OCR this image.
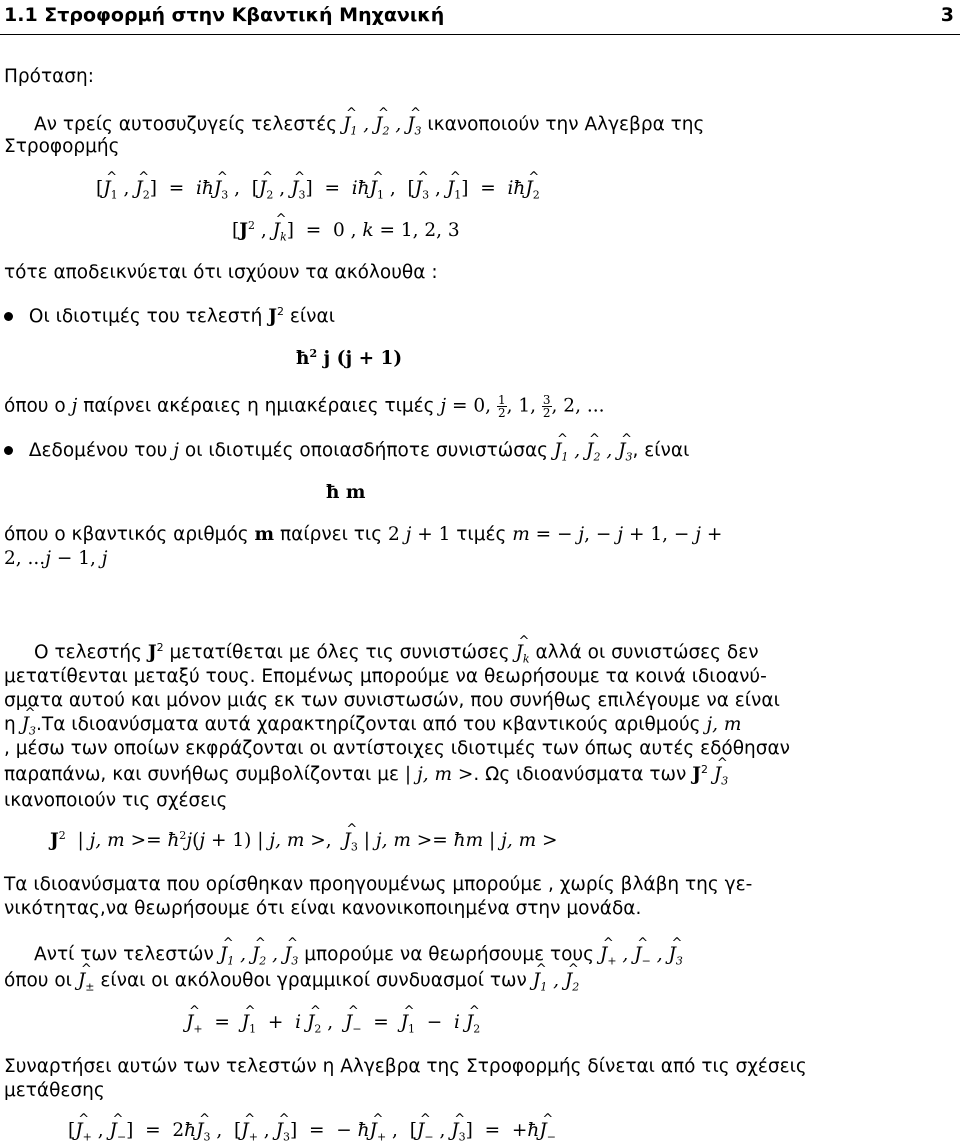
1.1 Στροφορμή στην Κβαντική Μηχανική	3
Πρόταση:
Αν τρείς αυτοσυζυγείς τελεστές ^ $J_1$ , ^ $J_2$ , ^ $J_3$ ικανοποιούν την Αλγεβρα της
Στροφορμής
[^ $J_1$ , ^ $J_2$]  =  iħ^ $J_3$ ,  [^ $J_2$ , ^ $J_3$]  =  iħ^ $J_1$ ,  [^ $J_3$ , ^ $J_1$]  =  iħ^ $J_2$
[$J^2$ , ^ $J_k] = 0$ , k = 1, 2, 3
τότε αποδεικνύεται ότι ισχύουν τα ακόλουθα :
Οι ιδιοτιμές του τελεστή $J^2$ είναι
$ħ^2$ j (j + 1)
όπου ο j παίρνει ακέραιες η ημιακέραιες τιμές j = 0, $\frac{1}{2}$ , 1, $\frac{3}{2}$ , 2, ...
Δεδομένου του j οι ιδιοτιμές οποιασδήποτε συνιστώσας ^ $J_1$ , ^ $J_2$ , ^ $J_3$, είναι
ħ m
όπου ο κβαντικός αριθμός m παίρνει τις 2 j + 1 τιμές m = − j, − j + 1, − j +
2, ...j − 1, j
Ο τελεστής $J^2$ μετατίθεται με όλες τις συνιστώσες ^ $J_k$ αλλά οι συνιστώσες δεν
μετατίθενται μεταξύ τους. Επομένως μπορούμε να θεωρήσουμε τα κοινά ιδιοανύ-
σματα αυτού και μόνον μιάς εκ των συνιστωσών, που συνήθως επιλέγουμε να είναι
η ^ $J_3.T\alpha$ ιδιοανύσματα αυτά χαρακτηρίζονται από του κβαντικούς αριθμούς j, m
, μέσω των οποίων εκφράζονται οι αντίστοιχες ιδιοτιμές των όπως αυτές εδόθησαν
παραπάνω, και συνήθως συμβολίζονται με | j, m >. Ως ιδιοανύσματα των $J^2$ ^ $J_3$
ικανοποιούν τις σχέσεις
$J^2$  | j, $m >= ħ^2j(j + 1)$ | j, m >,  ^ $J_3$ | j, m >= ħm | j, m >
Τα ιδιοανύσματα που ορίσθηκαν προηγουμένως μπορούμε , χωρίς βλάβη της γε-
νικότητας,να θεωρήσουμε ότι είναι κανονικοποιημένα στην μονάδα.
Αντί των τελεστών ^ $J_1$ , ^ $J_2$ , ^ $J_3$ μπορούμε να θεωρήσουμε τους ^ $J_+$ , ^ $J_-$ , ^ $J_3$
όπου οι ^ $J_\pm$ είναι οι ακόλουθοι γραμμικοί συνδυασμοί των ^ $J_1$ , ^ $J_2$
^ $J_+$  =  ^ $J_1 + i$ ^ $J_2$ ,  ^ $J_-$  =  ^ $J_1 - i$ ^ $J_2$
Συναρτήσει αυτών των τελεστών η Αλγεβρα της Στροφορμής δίνεται από τις σχέσεις
μετάθεσης
[^ $J_+$ , ^ $J_-$]  =  2ħ^ $J_3$ ,  [^ $J_+$ , ^ $J_3$]  =  − ħ^ $J_+$ ,  [^ $J_-$ , ^ $J_3$]  =  +ħ^ $J_-$
